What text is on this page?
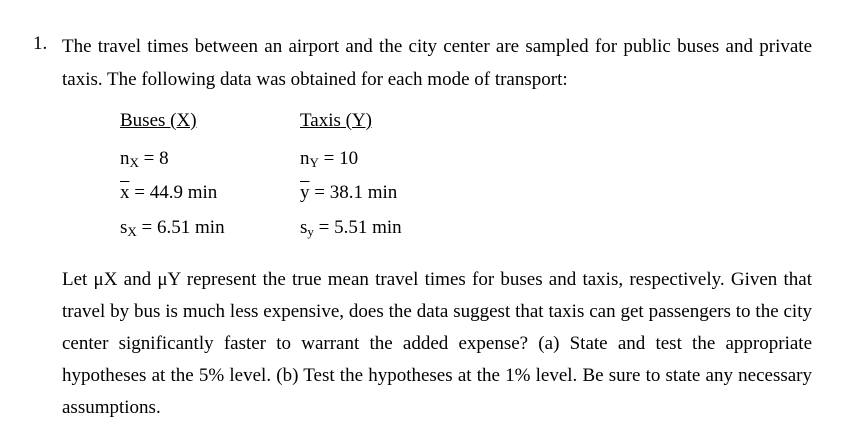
1. The travel times between an airport and the city center are sampled for public buses and private taxis. The following data was obtained for each mode of transport:
Buses (X)
$n_X = 8$
$\overline{x} = 44.9$ min
$s_X = 6.51$ min
Taxis (Y)
$n_Y = 10$
$\overline{y} = 38.1$ min
$s_y = 5.51$ min
Let μX and μY represent the true mean travel times for buses and taxis, respectively. Given that travel by bus is much less expensive, does the data suggest that taxis can get passengers to the city center significantly faster to warrant the added expense? (a) State and test the appropriate hypotheses at the 5% level. (b) Test the hypotheses at the 1% level. Be sure to state any necessary assumptions.
